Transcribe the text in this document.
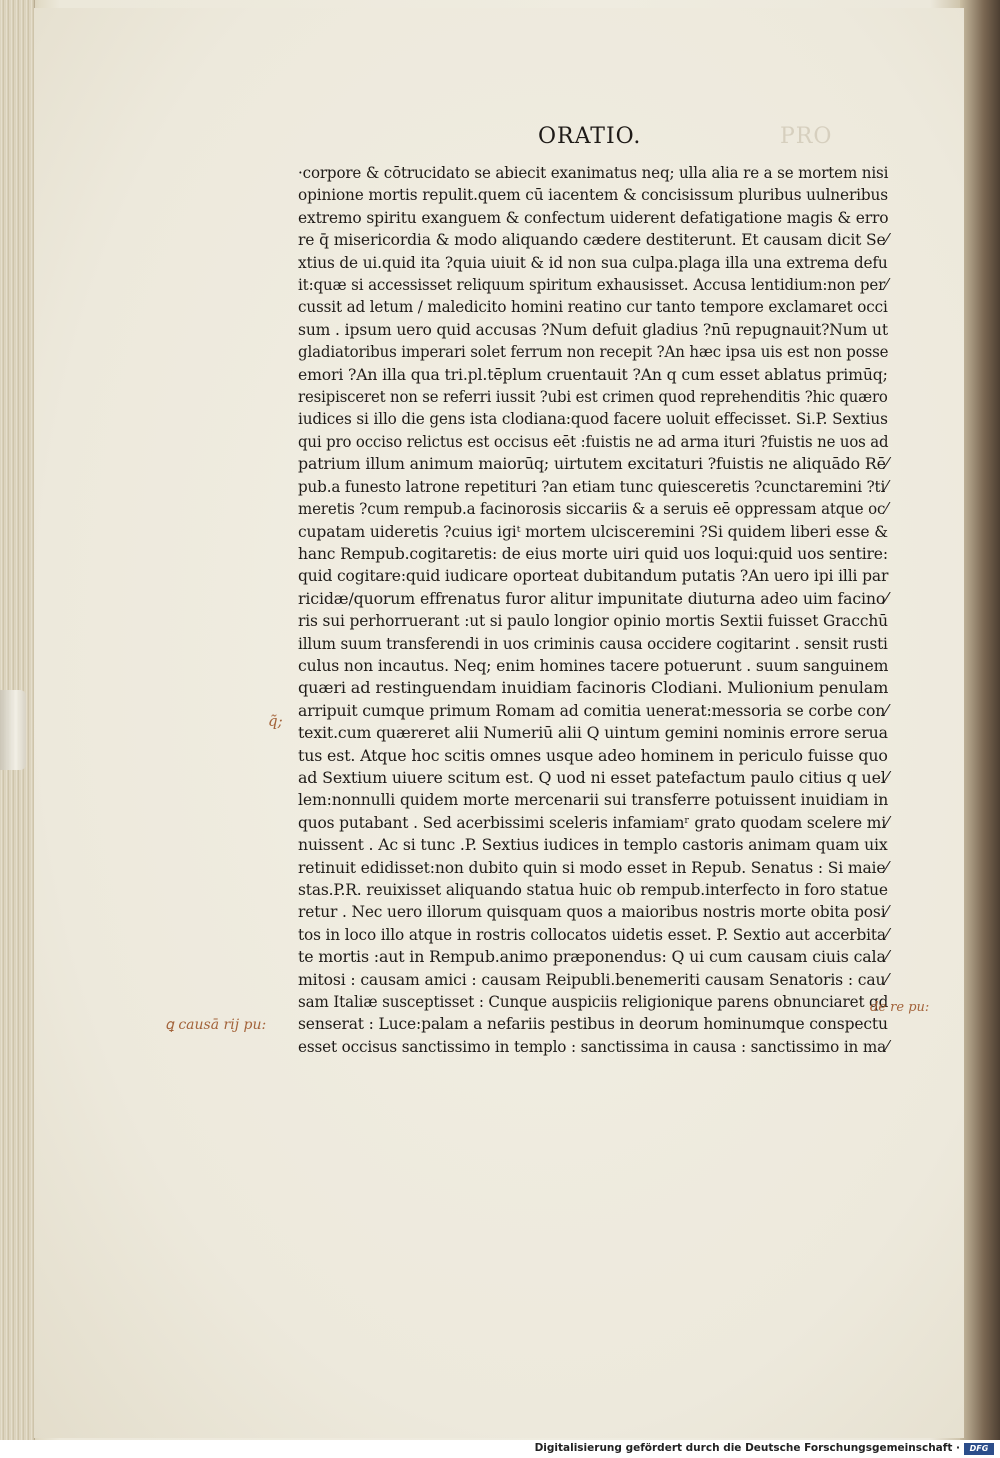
PRO
ORATIO.
·corpore & cōtrucidato se abiecit exanimatus neq; ulla alia re a se mortem nisi
opinione mortis repulit.quem cū iacentem & concisissum pluribus uulneribus
extremo spiritu exanguem & confectum uiderent defatigatione magis & erro
re q̄ misericordia & modo aliquando cædere destiterunt. Et causam dicit Se⁄
xtius de ui.quid ita ?quia uiuit & id non sua culpa.plaga illa una extrema defu
it:quæ si accessisset reliquum spiritum exhausisset. Accusa lentidium:non per⁄
cussit ad letum / maledicito homini reatino cur tanto tempore exclamaret occi
sum . ipsum uero quid accusas ?Num defuit gladius ?nū repugnauit?Num ut
gladiatoribus imperari solet ferrum non recepit ?An hæc ipsa uis est non posse
emori ?An illa qua tri.pl.tēplum cruentauit ?An q cum esset ablatus primūq;
resipisceret non se referri iussit ?ubi est crimen quod reprehenditis ?hic quæro
iudices si illo die gens ista clodiana:quod facere uoluit effecisset. Si.P. Sextius
qui pro occiso relictus est occisus eēt :fuistis ne ad arma ituri ?fuistis ne uos ad
patrium illum animum maiorūq; uirtutem excitaturi ?fuistis ne aliquādo Rē⁄
pub.a funesto latrone repetituri ?an etiam tunc quiesceretis ?cunctaremini ?ti⁄
meretis ?cum rempub.a facinorosis siccariis & a seruis eē oppressam atque oc⁄
cupatam uideretis ?cuius igiᵗ mortem ulcisceremini ?Si quidem liberi esse &
hanc Rempub.cogitaretis: de eius morte uiri quid uos loqui:quid uos sentire:
quid cogitare:quid iudicare oporteat dubitandum putatis ?An uero ipi illi par
ricidæ/quorum effrenatus furor alitur impunitate diuturna adeo uim facino⁄
ris sui perhorruerant :ut si paulo longior opinio mortis Sextii fuisset Gracchū
illum suum transferendi in uos criminis causa occidere cogitarint . sensit rusti
culus non incautus. Neq; enim homines tacere potuerunt . suum sanguinem
quæri ad restinguendam inuidiam facinoris Clodiani. Mulionium penulam
arripuit cumque primum Romam ad comitia uenerat:messoria se corbe con⁄
texit.cum quæreret alii Numeriū alii Q uintum gemini nominis errore serua
tus est. Atque hoc scitis omnes usque adeo hominem in periculo fuisse quo
ad Sextium uiuere scitum est. Q uod ni esset patefactum paulo citius q uel⁄
lem:nonnulli quidem morte mercenarii sui transferre potuissent inuidiam in
quos putabant . Sed acerbissimi sceleris infamiamʳ grato quodam scelere mi⁄
nuissent . Ac si tunc .P. Sextius iudices in templo castoris animam quam uix
retinuit edidisset:non dubito quin si modo esset in Repub. Senatus : Si maie⁄
stas.P.R. reuixisset aliquando statua huic ob rempub.interfecto in foro statue
retur . Nec uero illorum quisquam quos a maioribus nostris morte obita posi⁄
tos in loco illo atque in rostris collocatos uidetis esset. P. Sextio aut accerbita⁄
te mortis :aut in Rempub.animo præponendus: Q ui cum causam ciuis cala⁄
mitosi : causam amici : causam Reipubli.benemeriti causam Senatoris : cau⁄
sam Italiæ susceptisset : Cunque auspiciis religionique parens obnunciaret qd
senserat : Luce:palam a nefariis pestibus in deorum hominumque conspectu
esset occisus sanctissimo in templo : sanctissima in causa : sanctissimo in ma⁄
q̃;
ꝗ causā rij pu:
de re pu:
Digitalisierung gefördert durch die Deutsche Forschungsgemeinschaft ·	DFG
